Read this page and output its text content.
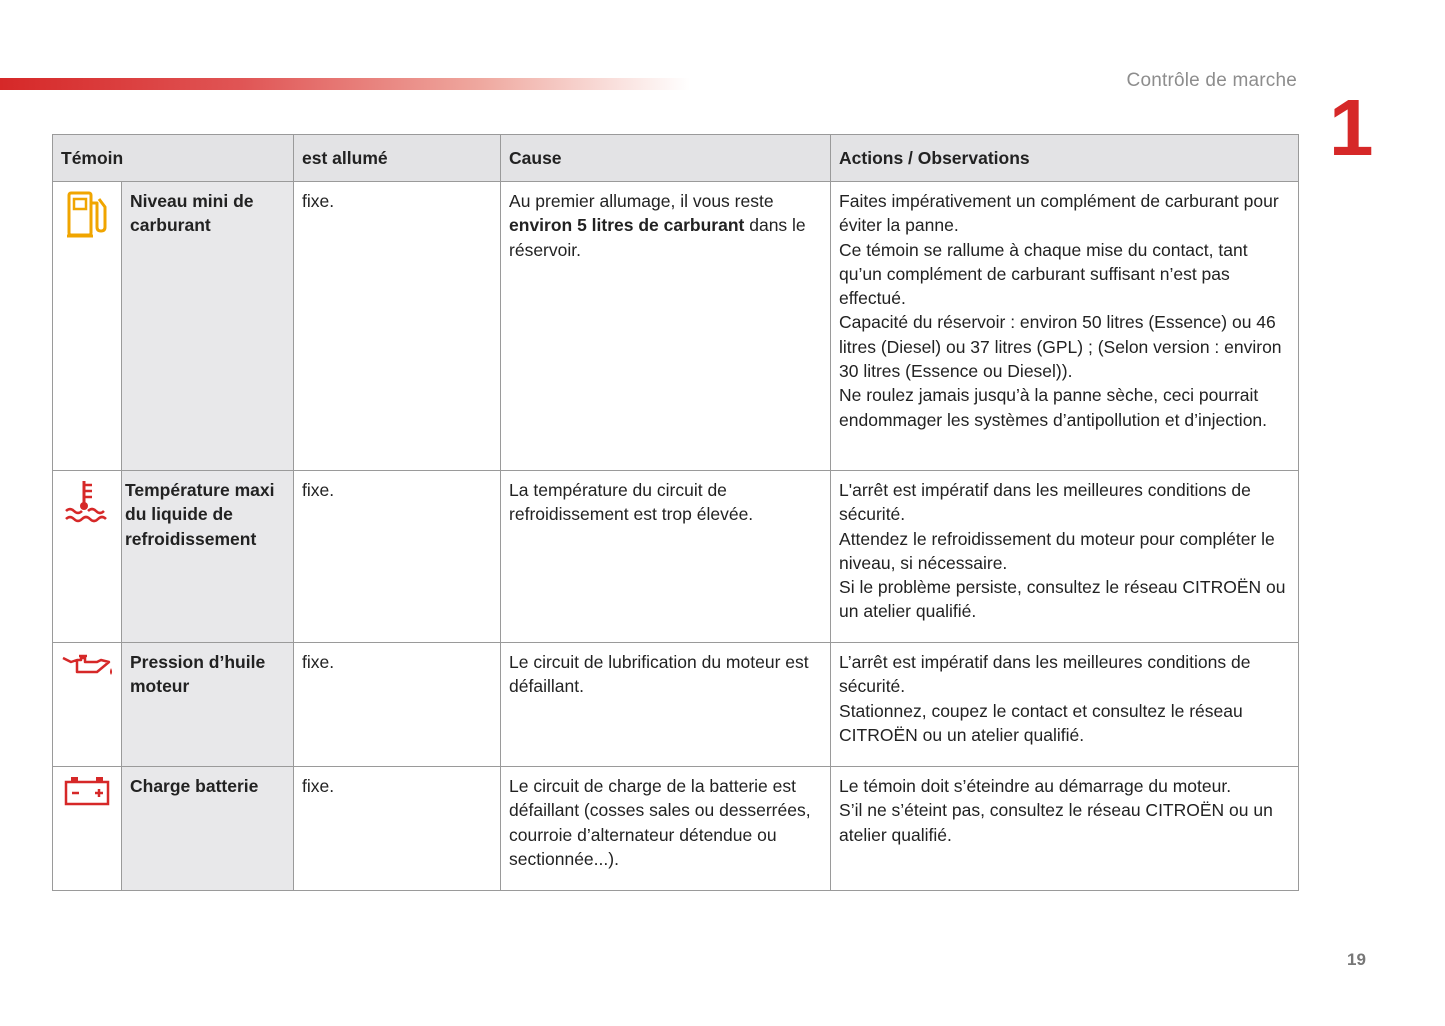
Contrôle de marche
1
Témoin		est allumé	Cause	Actions / Observations

	Niveau mini de carburant	fixe.	Au premier allumage, il vous reste environ 5 litres de carburant dans le réservoir.	Faites impérativement un complément de carburant pour éviter la panne.
Ce témoin se rallume à chaque mise du contact, tant qu’un complément de carburant suffisant n’est pas effectué.
Capacité du réservoir : environ 50 litres (Essence) ou 46 litres (Diesel) ou 37 litres (GPL) ; (Selon version : environ 30 litres (Essence ou Diesel)).
Ne roulez jamais jusqu’à la panne sèche, ceci pourrait endommager les systèmes d’antipollution et d’injection.

	Température maxi du liquide de refroidissement	fixe.	La température du circuit de refroidissement est trop élevée.	L'arrêt est impératif dans les meilleures conditions de sécurité.
Attendez le refroidissement du moteur pour compléter le niveau, si nécessaire.
Si le problème persiste, consultez le réseau CITROËN ou un atelier qualifié.

	Pression d’huile moteur	fixe.	Le circuit de lubrification du moteur est défaillant.	L’arrêt est impératif dans les meilleures conditions de sécurité.
Stationnez, coupez le contact et consultez le réseau CITROËN ou un atelier qualifié.

	Charge batterie	fixe.	Le circuit de charge de la batterie est défaillant (cosses sales ou desserrées, courroie d’alternateur détendue ou sectionnée...).	Le témoin doit s’éteindre au démarrage du moteur.
S’il ne s’éteint pas, consultez le réseau CITROËN ou un atelier qualifié.
19
